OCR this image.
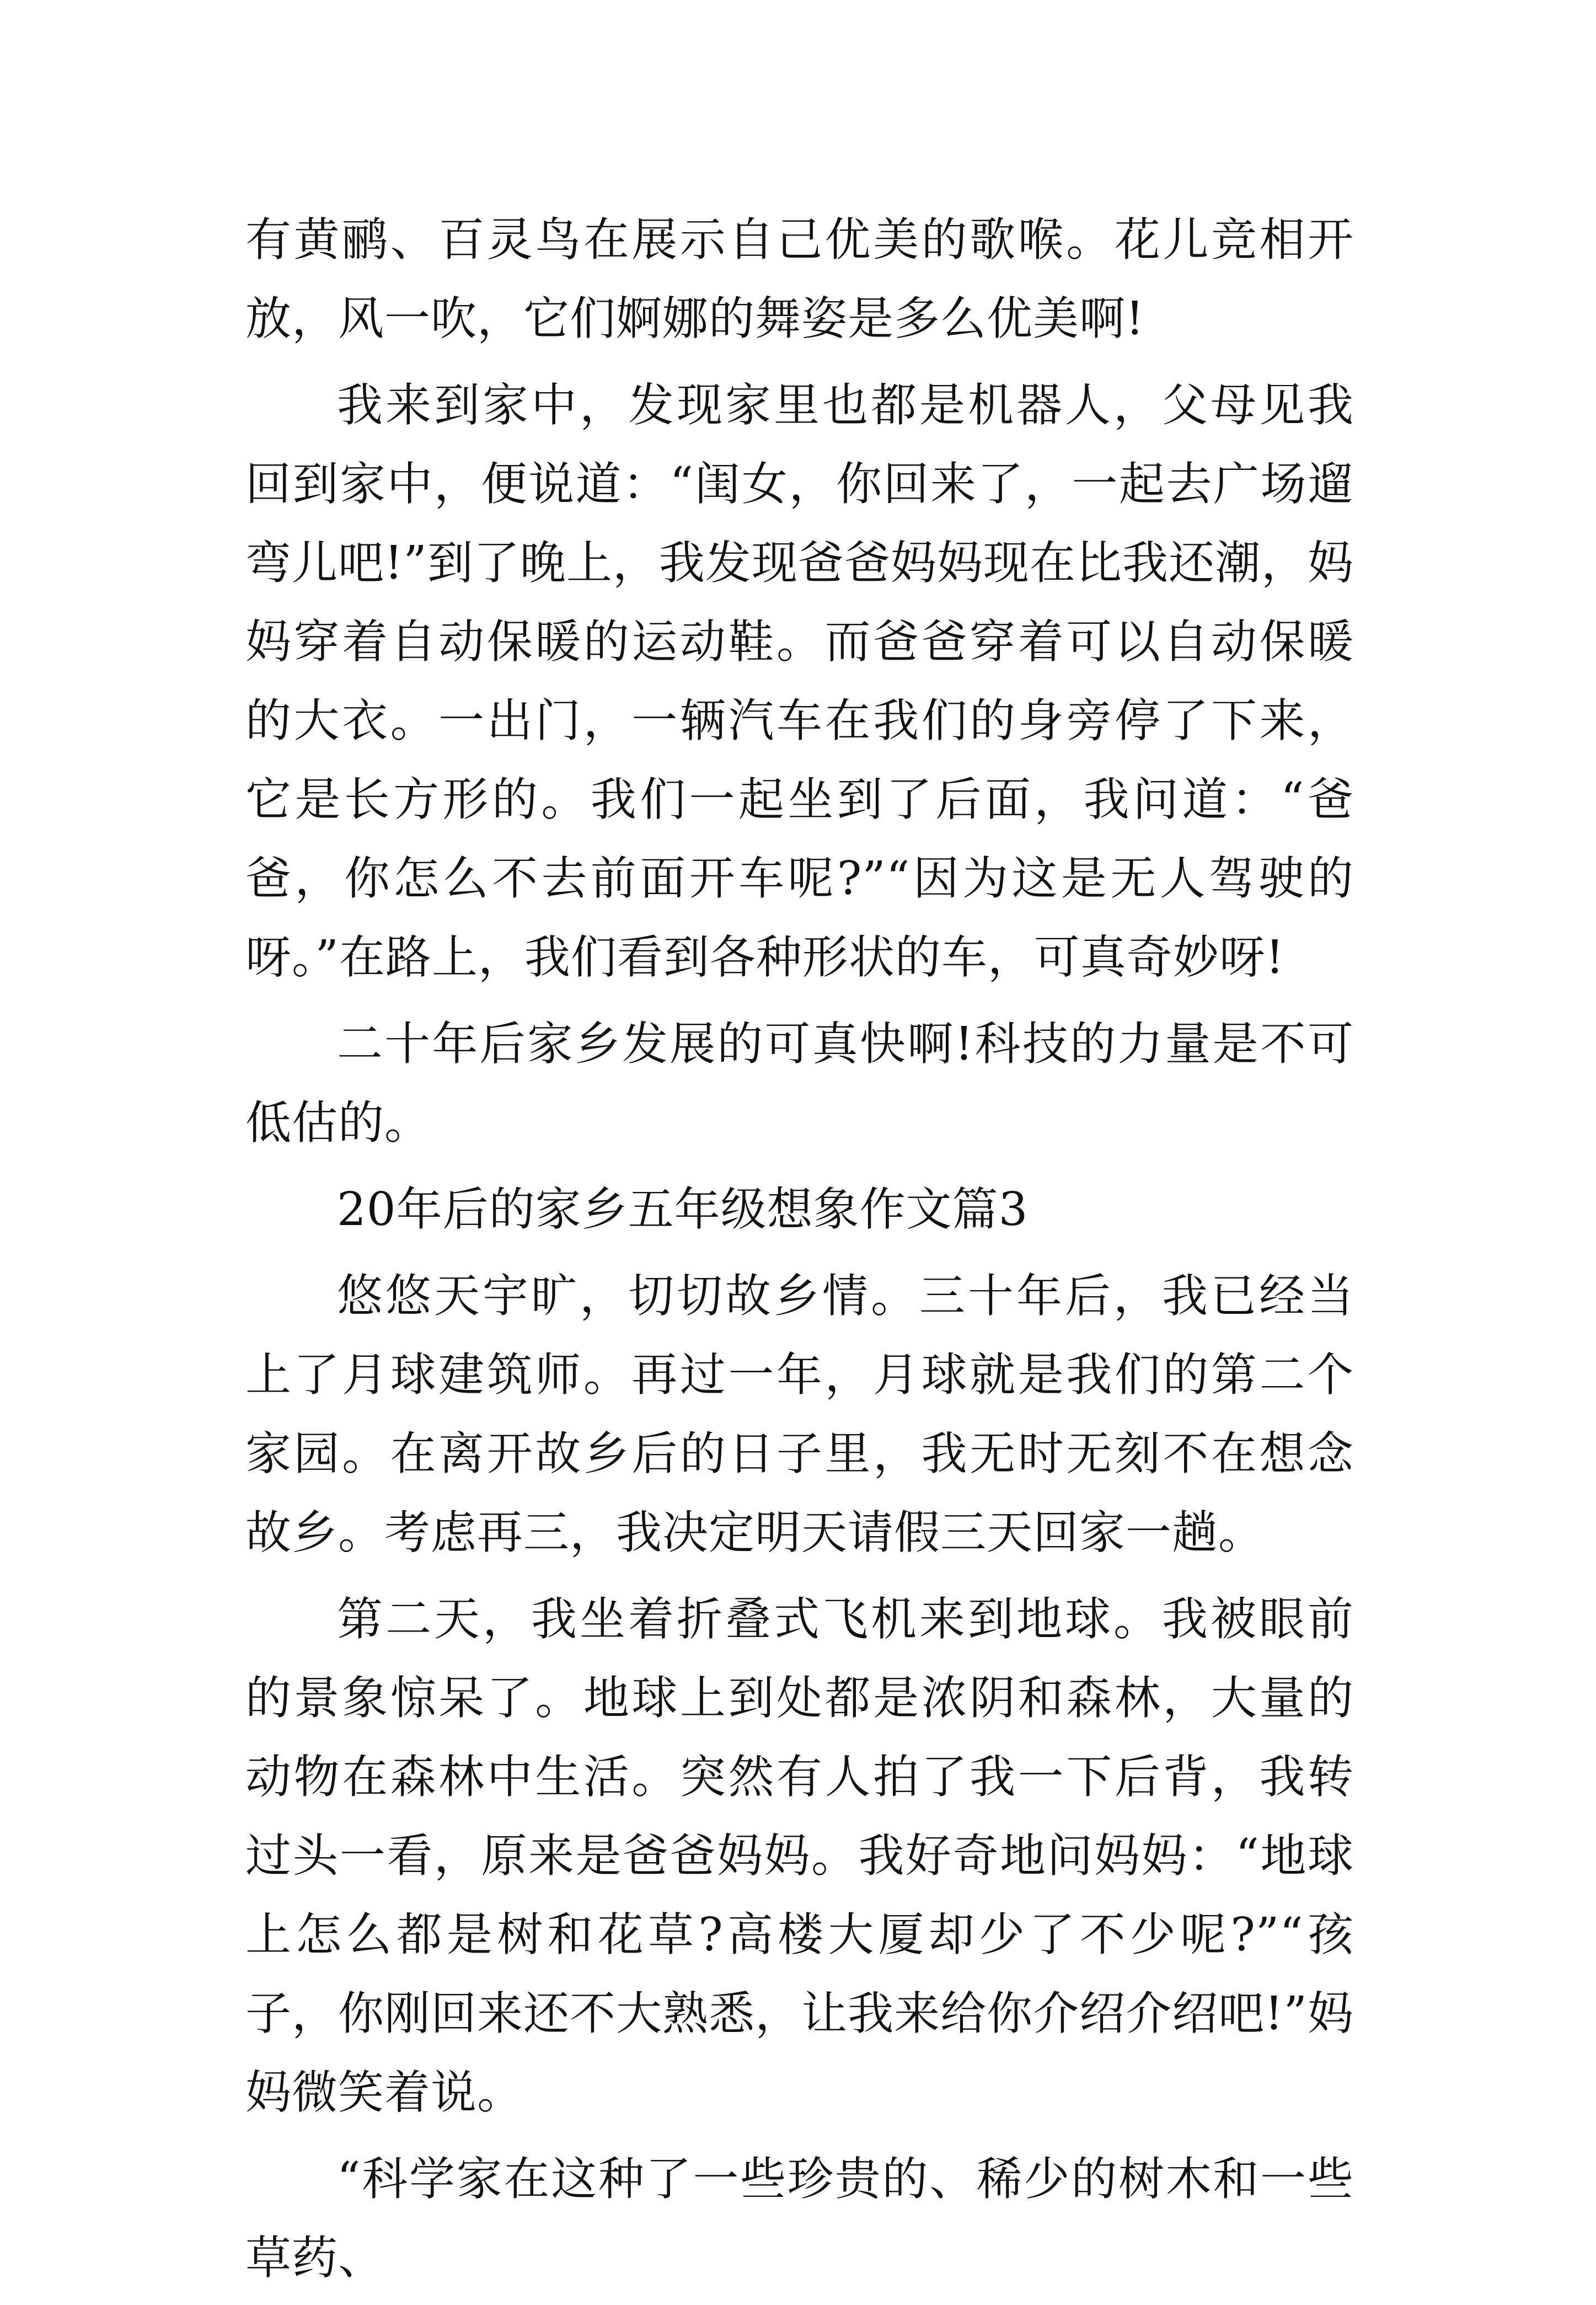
有黄鹂、百灵鸟在展示自己优美的歌喉。花儿竞相开放，风一吹，它们婀娜的舞姿是多么优美啊!

我来到家中，发现家里也都是机器人，父母见我回到家中，便说道：“闺女，你回来了，一起去广场遛弯儿吧!”到了晚上，我发现爸爸妈妈现在比我还潮，妈妈穿着自动保暖的运动鞋。而爸爸穿着可以自动保暖的大衣。一出门，一辆汽车在我们的身旁停了下来，它是长方形的。我们一起坐到了后面，我问道：“爸爸，你怎么不去前面开车呢?”“因为这是无人驾驶的呀。”在路上，我们看到各种形状的车，可真奇妙呀!

二十年后家乡发展的可真快啊!科技的力量是不可低估的。

20年后的家乡五年级想象作文篇3

悠悠天宇旷，切切故乡情。三十年后，我已经当上了月球建筑师。再过一年，月球就是我们的第二个家园。在离开故乡后的日子里，我无时无刻不在想念故乡。考虑再三，我决定明天请假三天回家一趟。

第二天，我坐着折叠式飞机来到地球。我被眼前的景象惊呆了。地球上到处都是浓阴和森林，大量的动物在森林中生活。突然有人拍了我一下后背，我转过头一看，原来是爸爸妈妈。我好奇地问妈妈：“地球上怎么都是树和花草?高楼大厦却少了不少呢?”“孩子，你刚回来还不大熟悉，让我来给你介绍介绍吧!”妈妈微笑着说。

“科学家在这种了一些珍贵的、稀少的树木和一些草药、
